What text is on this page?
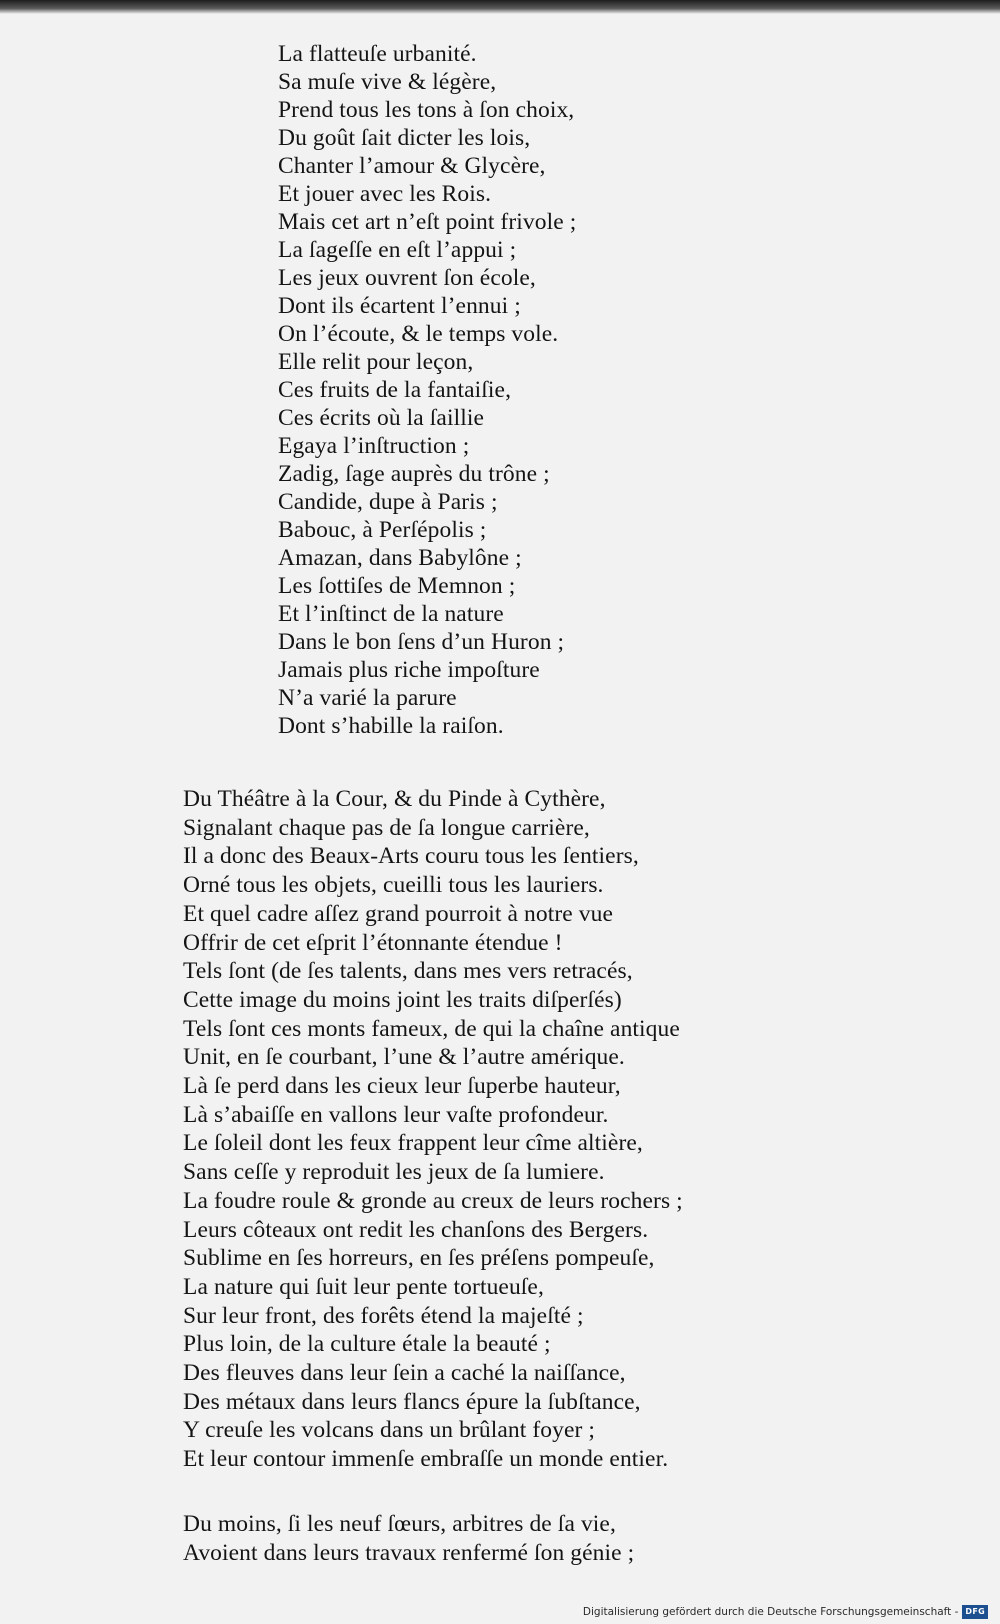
La flatteuſe urbanité.
Sa muſe vive & légère,
Prend tous les tons à ſon choix,
Du goût ſait dicter les lois,
Chanter l’amour & Glycère,
Et jouer avec les Rois.
Mais cet art n’eſt point frivole ;
La ſageſſe en eſt l’appui ;
Les jeux ouvrent ſon école,
Dont ils écartent l’ennui ;
On l’écoute, & le temps vole.
Elle relit pour leçon,
Ces fruits de la fantaiſie,
Ces écrits où la ſaillie
Egaya l’inſtruction ;
Zadig, ſage auprès du trône ;
Candide, dupe à Paris ;
Babouc, à Perſépolis ;
Amazan, dans Babylône ;
Les ſottiſes de Memnon ;
Et l’inſtinct de la nature
Dans le bon ſens d’un Huron ;
Jamais plus riche impoſture
N’a varié la parure
Dont s’habille la raiſon.
Du Théâtre à la Cour, & du Pinde à Cythère,
Signalant chaque pas de ſa longue carrière,
Il a donc des Beaux-Arts couru tous les ſentiers,
Orné tous les objets, cueilli tous les lauriers.
Et quel cadre aſſez grand pourroit à notre vue
Offrir de cet eſprit l’étonnante étendue !
Tels ſont (de ſes talents, dans mes vers retracés,
Cette image du moins joint les traits diſperſés)
Tels ſont ces monts fameux, de qui la chaîne antique
Unit, en ſe courbant, l’une & l’autre amérique.
Là ſe perd dans les cieux leur ſuperbe hauteur,
Là s’abaiſſe en vallons leur vaſte profondeur.
Le ſoleil dont les feux frappent leur cîme altière,
Sans ceſſe y reproduit les jeux de ſa lumiere.
La foudre roule & gronde au creux de leurs rochers ;
Leurs côteaux ont redit les chanſons des Bergers.
Sublime en ſes horreurs, en ſes préſens pompeuſe,
La nature qui ſuit leur pente tortueuſe,
Sur leur front, des forêts étend la majeſté ;
Plus loin, de la culture étale la beauté ;
Des fleuves dans leur ſein a caché la naiſſance,
Des métaux dans leurs flancs épure la ſubſtance,
Y creuſe les volcans dans un brûlant foyer ;
Et leur contour immenſe embraſſe un monde entier.
Du moins, ſi les neuf ſœurs, arbitres de ſa vie,
Avoient dans leurs travaux renfermé ſon génie ;
Digitalisierung gefördert durch die Deutsche Forschungsgemeinschaft - DFG
